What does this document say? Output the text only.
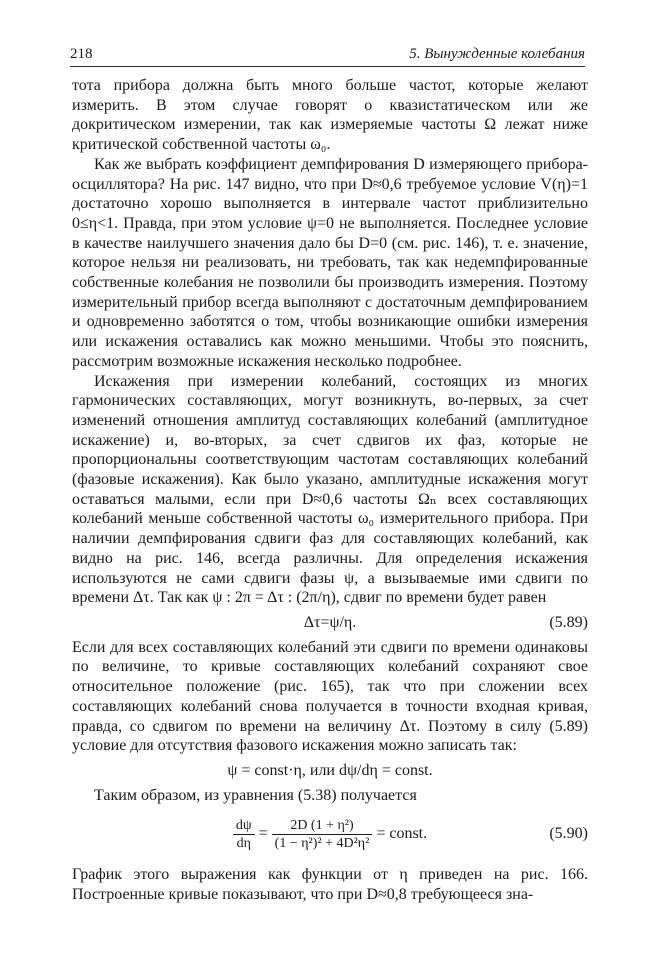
218	5. Вынужденные колебания

тота прибора должна быть много больше частот, которые желают измерить. В этом случае говорят о квазистатическом или же докритическом измерении, так как измеряемые частоты Ω лежат ниже критической собственной частоты ω₀.

Как же выбрать коэффициент демпфирования D измеряющего прибора-осциллятора? На рис. 147 видно, что при D≈0,6 требуемое условие V(η)=1 достаточно хорошо выполняется в интервале частот приблизительно 0≤η<1. Правда, при этом условие ψ=0 не выполняется. Последнее условие в качестве наилучшего значения дало бы D=0 (см. рис. 146), т. е. значение, которое нельзя ни реализовать, ни требовать, так как недемпфированные собственные колебания не позволили бы производить измерения. Поэтому измерительный прибор всегда выполняют с достаточным демпфированием и одновременно заботятся о том, чтобы возникающие ошибки измерения или искажения оставались как можно меньшими. Чтобы это пояснить, рассмотрим возможные искажения несколько подробнее.

Искажения при измерении колебаний, состоящих из многих гармонических составляющих, могут возникнуть, во-первых, за счет изменений отношения амплитуд составляющих колебаний (амплитудное искажение) и, во-вторых, за счет сдвигов их фаз, которые не пропорциональны соответствующим частотам составляющих колебаний (фазовые искажения). Как было указано, амплитудные искажения могут оставаться малыми, если при D≈0,6 частоты Ωₙ всех составляющих колебаний меньше собственной частоты ω₀ измерительного прибора. При наличии демпфирования сдвиги фаз для составляющих колебаний, как видно на рис. 146, всегда различны. Для определения искажения используются не сами сдвиги фазы ψ, а вызываемые ими сдвиги по времени Δτ. Так как ψ : 2π = Δτ : (2π/η), сдвиг по времени будет равен

Δτ=ψ/η.	(5.89)

Если для всех составляющих колебаний эти сдвиги по времени одинаковы по величине, то кривые составляющих колебаний сохраняют свое относительное положение (рис. 165), так что при сложении всех составляющих колебаний снова получается в точности входная кривая, правда, со сдвигом по времени на величину Δτ. Поэтому в силу (5.89) условие для отсутствия фазового искажения можно записать так:

ψ = const·η, или dψ/dη = const.

Таким образом, из уравнения (5.38) получается

$\frac{d\psi}{d\eta} = \frac{\text{2D (1 + η²)}}{\text{(1 − η²)² + 4D²η²}}$ = const.	(5.90)

График этого выражения как функции от η приведен на рис. 166. Построенные кривые показывают, что при D≈0,8 требующееся зна-
